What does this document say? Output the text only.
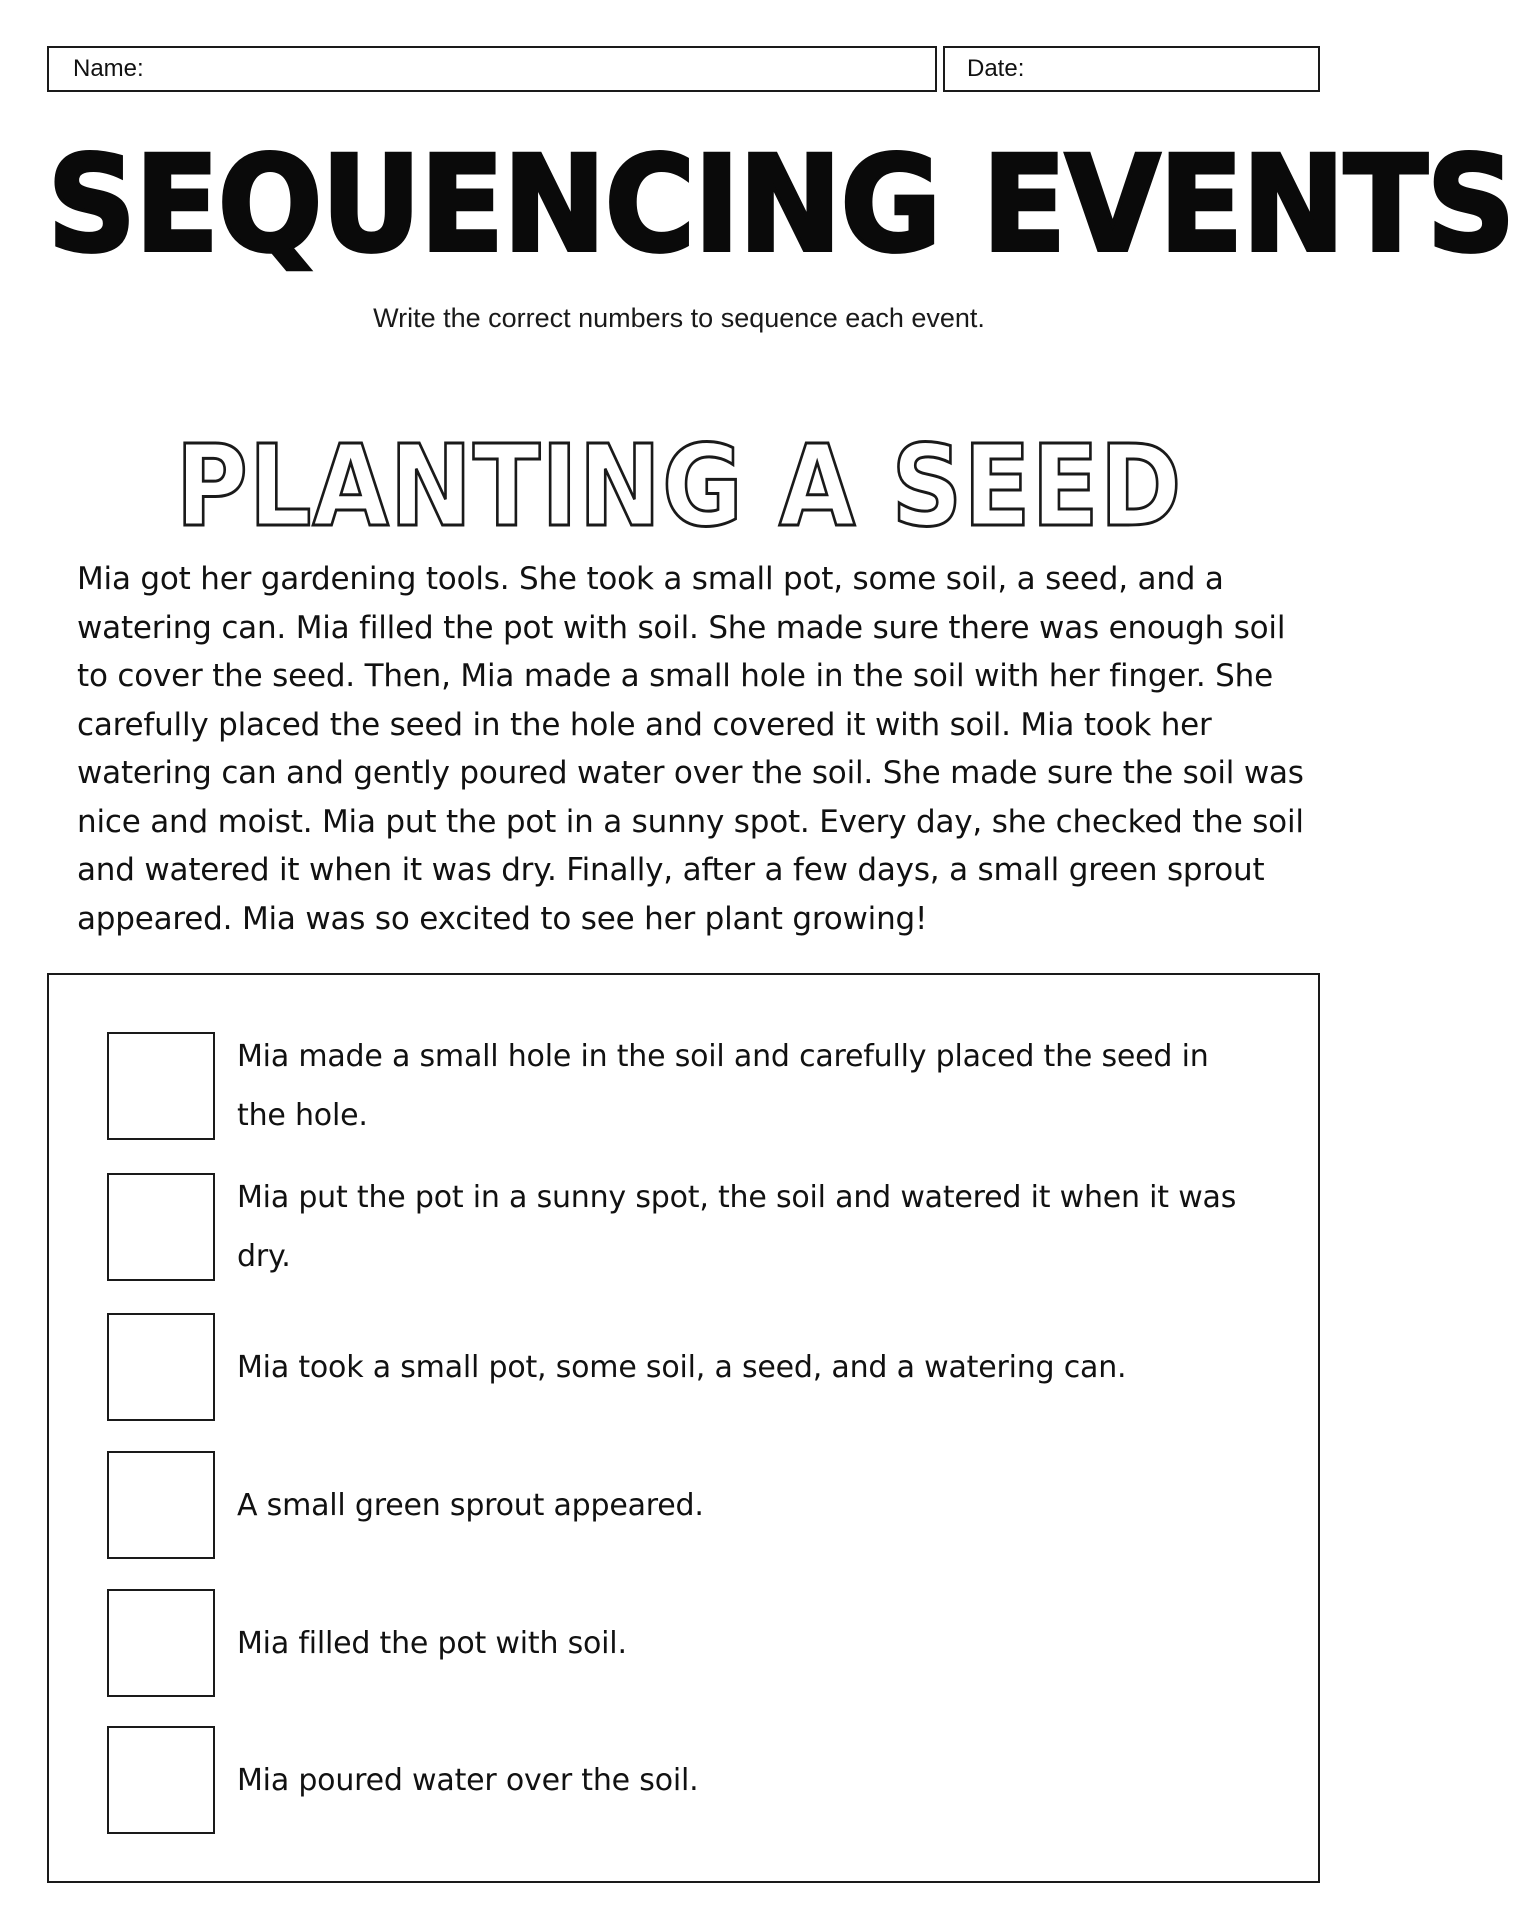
Name:	Date:
SEQUENCING EVENTS
Write the correct numbers to sequence each event.
PLANTING A SEED

Mia got her gardening tools. She took a small pot, some soil, a seed, and a watering can. Mia filled the pot with soil. She made sure there was enough soil to cover the seed. Then, Mia made a small hole in the soil with her finger. She carefully placed the seed in the hole and covered it with soil. Mia took her watering can and gently poured water over the soil. She made sure the soil was nice and moist. Mia put the pot in a sunny spot. Every day, she checked the soil and watered it when it was dry. Finally, after a few days, a small green sprout appeared. Mia was so excited to see her plant growing!

Mia made a small hole in the soil and carefully placed the seed in the hole.
Mia put the pot in a sunny spot, the soil and watered it when it was dry.
Mia took a small pot, some soil, a seed, and a watering can.
A small green sprout appeared.
Mia filled the pot with soil.
Mia poured water over the soil.
